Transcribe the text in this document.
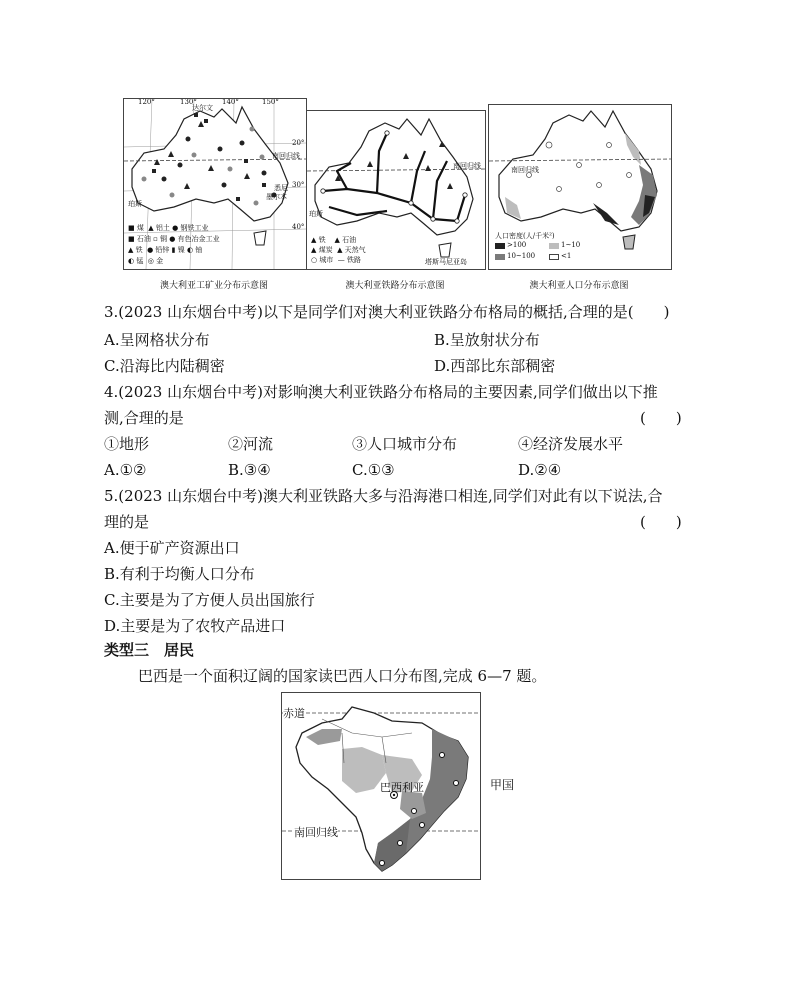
120°	130°	140°	150°
20°
30°
40°
达尔文
南回归线
珀斯
悉尼
墨尔本
■ 煤 ▲ 铝土 ● 钢铁工业
■ 石油 ▫ 铜 ● 有色冶金工业
▲ 铁 ● 铅锌 ▮ 镍 ◐ 铀
◐ 锰 ◎ 金
澳大利亚工矿业分布示意图
南回归线
珀斯
▲ 铁 ▲ 石油
▲ 煤炭 ▲ 天然气
○ 城市 — 铁路	塔斯马尼亚岛
澳大利亚铁路分布示意图
南回归线
人口密度(人/千米²)
>100	1~10
10~100	<1
澳大利亚人口分布示意图
3.(2023 山东烟台中考)以下是同学们对澳大利亚铁路分布格局的概括,合理的是(　　)
A.呈网格状分布	B.呈放射状分布
C.沿海比内陆稠密	D.西部比东部稠密
4.(2023 山东烟台中考)对影响澳大利亚铁路分布格局的主要因素,同学们做出以下推
测,合理的是	(　　)
①地形	②河流	③人口城市分布	④经济发展水平
A.①②	B.③④	C.①③	D.②④
5.(2023 山东烟台中考)澳大利亚铁路大多与沿海港口相连,同学们对此有以下说法,合
理的是	(　　)
A.便于矿产资源出口
B.有利于均衡人口分布
C.主要是为了方便人员出国旅行
D.主要是为了农牧产品进口
类型三　居民
巴西是一个面积辽阔的国家读巴西人口分布图,完成 6—7 题。
赤道
巴西利亚
南回归线
甲国
